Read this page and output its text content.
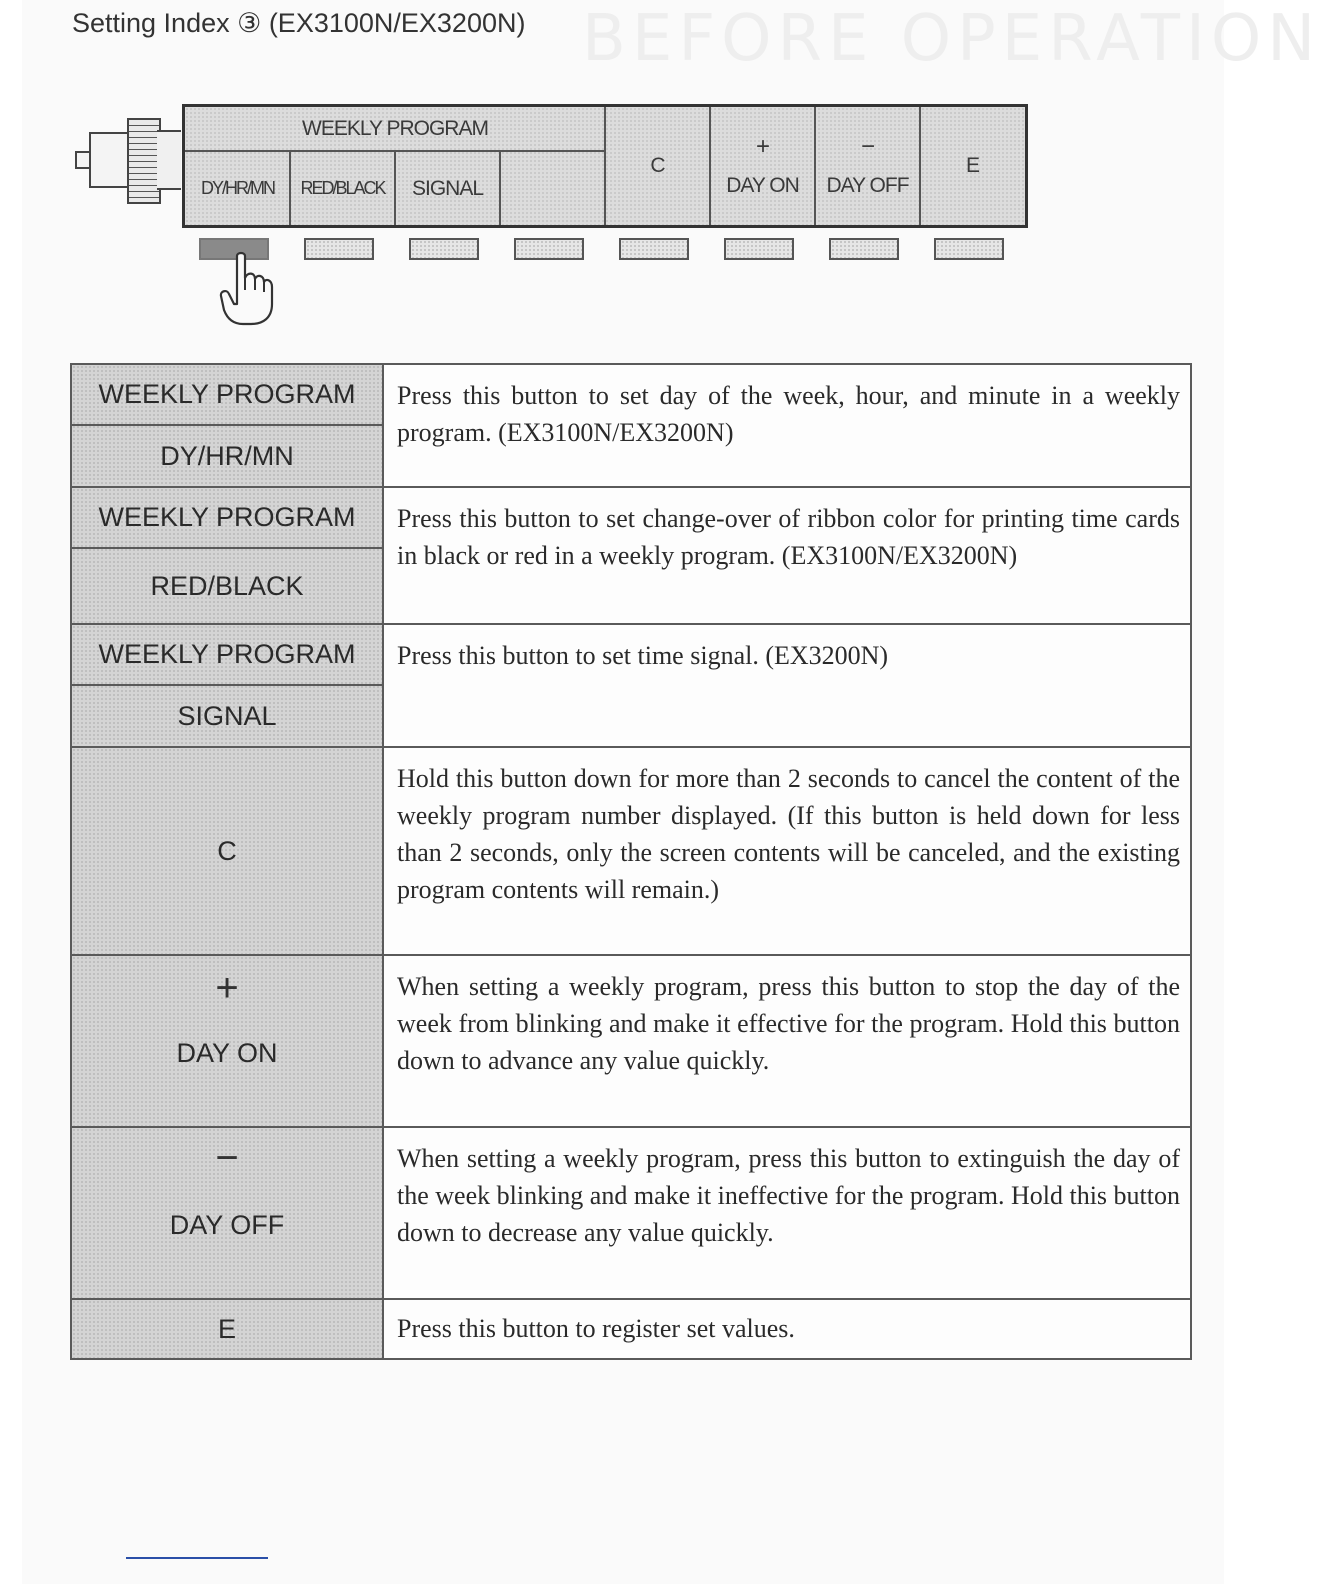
BEFORE OPERATION
Setting Index ③ (EX3100N/EX3200N)
WEEKLY PROGRAM
DY/HR/MN	RED/BLACK	SIGNAL
C
+
DAY ON
−
DAY OFF
E
WEEKLY PROGRAM
DY/HR/MN	Press this button to set day of the week, hour, and minute in a weekly program. (EX3100N/EX3200N)

WEEKLY PROGRAM
RED/BLACK	Press this button to set change-over of ribbon color for printing time cards in black or red in a weekly program. (EX3100N/EX3200N)

WEEKLY PROGRAM
SIGNAL	Press this button to set time signal. (EX3200N)

C	Hold this button down for more than 2 seconds to cancel the content of the weekly program number displayed. (If this button is held down for less than 2 seconds, only the screen contents will be canceled, and the existing program contents will remain.)

+
DAY ON	When setting a weekly program, press this button to stop the day of the week from blinking and make it effective for the program. Hold this button down to advance any value quickly.

−
DAY OFF	When setting a weekly program, press this button to extinguish the day of the week blinking and make it ineffective for the program. Hold this button down to decrease any value quickly.

E	Press this button to register set values.
